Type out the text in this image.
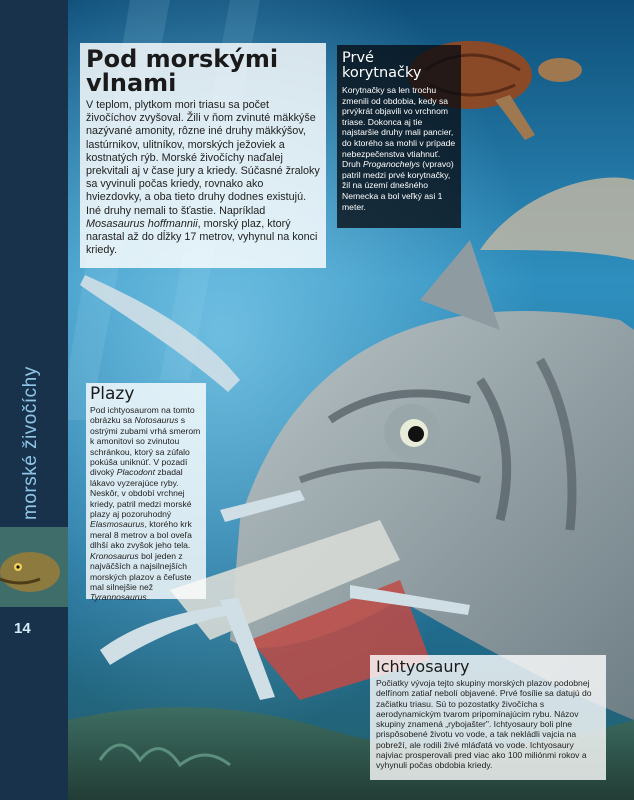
morské živočíchy
14
Pod morskými
vlnami
V teplom, plytkom mori triasu sa počet živočíchov zvyšoval. Žili v ňom zvinuté mäkkýše nazývané amonity, rôzne iné druhy mäkkýšov, lastúrnikov, ulitníkov, morských ježoviek a kostnatých rýb. Morské živočíchy naďalej prekvitali aj v čase jury a kriedy. Súčasné žraloky sa vyvinuli počas kriedy, rovnako ako hviezdovky, a oba tieto druhy dodnes existujú. Iné druhy nemali to šťastie. Napríklad Mosasaurus hoffmannii, morský plaz, ktorý narastal až do dĺžky 17 metrov, vyhynul na konci kriedy.
Prvé
korytnačky
Korytnačky sa len trochu zmenili od obdobia, kedy sa prvýkrát objavili vo vrchnom triase. Dokonca aj tie najstaršie druhy mali pancier, do ktorého sa mohli v prípade nebezpečenstva vtiahnuť. Druh Proganochelys (vpravo) patril medzi prvé korytnačky, žil na území dnešného Nemecka a bol veľký asi 1 meter.
Plazy
Pod ichtyosaurom na tomto obrázku sa Notosaurus s ostrými zubami vrhá smerom k amonitovi so zvinutou schránkou, ktorý sa zúfalo pokúša uniknúť. V pozadí divoký Placodont zbadal lákavo vyzerajúce ryby. Neskôr, v období vrchnej kriedy, patril medzi morské plazy aj pozoruhodný Elasmosaurus, ktorého krk meral 8 metrov a bol oveľa dlhší ako zvyšok jeho tela. Kronosaurus bol jeden z najväčších a najsilnejších morských plazov a čeľuste mal silnejšie než Tyrannosaurus.
Ichtyosaury
Počiatky vývoja tejto skupiny morských plazov podobnej delfínom zatiaľ nebolí objavené. Prvé fosílie sa datujú do začiatku triasu. Sú to pozostatky živočícha s aerodynamickým tvarom pripomínajúcim rybu. Názov skupiny znamená „rybojašter". Ichtyosaury boli plne prispôsobené životu vo vode, a tak nekládli vajcia na pobreží, ale rodili živé mláďatá vo vode. Ichtyosaury najviac prosperovali pred viac ako 100 miliónmi rokov a vyhynuli počas obdobia kriedy.
